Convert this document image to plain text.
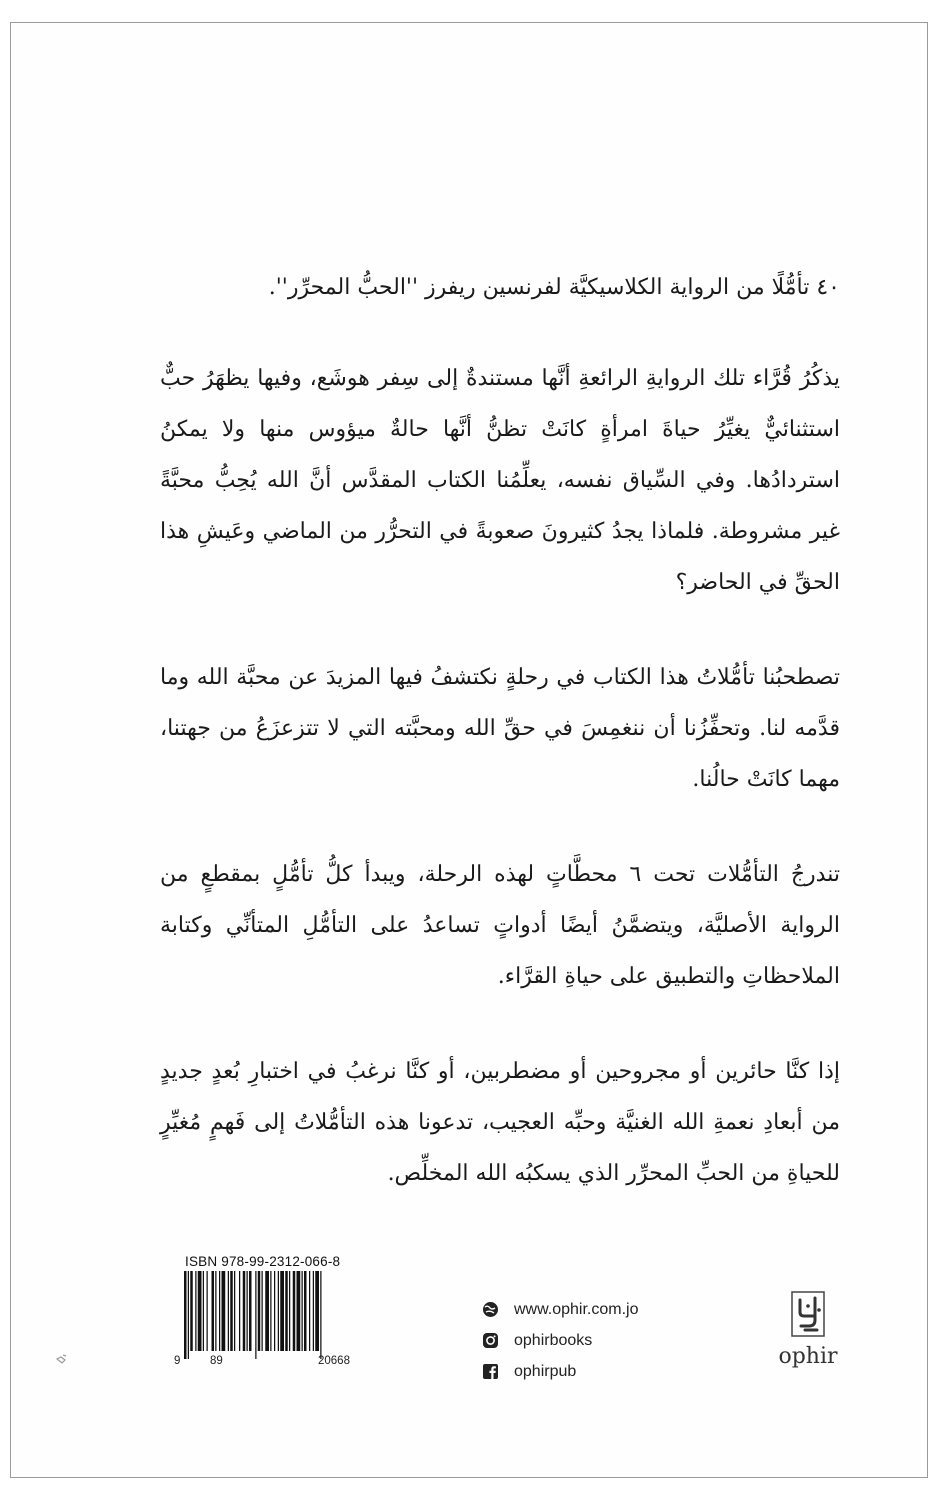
٤٠ تأمُّلًا من الرواية الكلاسيكيَّة لفرنسين ريفرز ''الحبُّ المحرِّر''.

يذكُرُ قُرَّاء تلك الروايةِ الرائعةِ أنَّها مستندةٌ إلى سِفر هوشَع، وفيها يظهَرُ حبٌّ استثنائيٌّ يغيِّرُ حياةَ امرأةٍ كانَتْ تظنُّ أنَّها حالةٌ ميؤوس منها ولا يمكنُ استردادُها. وفي السِّياق نفسه، يعلِّمُنا الكتاب المقدَّس أنَّ الله يُحِبُّ محبَّةً غير مشروطة. فلماذا يجدُ كثيرونَ صعوبةً في التحرُّر من الماضي وعَيشِ هذا الحقِّ في الحاضر؟

تصطحبُنا تأمُّلاتُ هذا الكتاب في رحلةٍ نكتشفُ فيها المزيدَ عن محبَّة الله وما قدَّمه لنا. وتحفِّزُنا أن ننغمِسَ في حقِّ الله ومحبَّته التي لا تتزعزَعُ من جهتنا، مهما كانَتْ حالُنا.

تندرجُ التأمُّلات تحت ٦ محطَّاتٍ لهذه الرحلة، ويبدأ كلُّ تأمُّلٍ بمقطعٍ من الرواية الأصليَّة، ويتضمَّنُ أيضًا أدواتٍ تساعدُ على التأمُّلِ المتأنِّي وكتابة الملاحظاتِ والتطبيق على حياةِ القرَّاء.

إذا كنَّا حائرين أو مجروحين أو مضطربين، أو كنَّا نرغبُ في اختبارِ بُعدٍ جديدٍ من أبعادِ نعمةِ الله الغنيَّة وحبِّه العجيب، تدعونا هذه التأمُّلاتُ إلى فَهمٍ مُغيِّرٍ للحياةِ من الحبِّ المحرِّر الذي يسكبُه الله المخلِّص.

ISBN 978-99-2312-066-8
9	89	20668
www.ophir.com.jo
ophirbooks
ophirpub
ophir
